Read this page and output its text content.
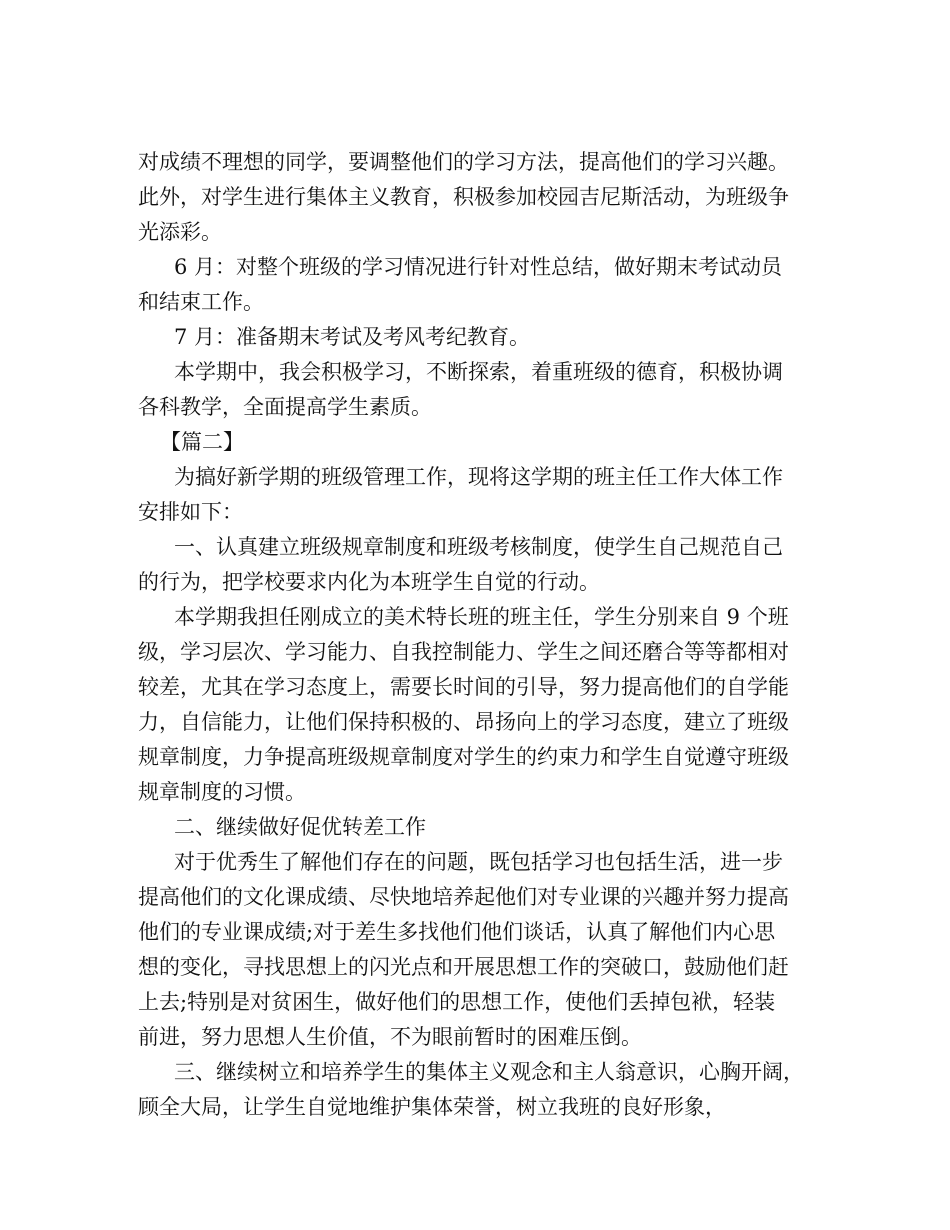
对成绩不理想的同学，要调整他们的学习方法，提高他们的学习兴趣。
此外，对学生进行集体主义教育，积极参加校园吉尼斯活动，为班级争
光添彩。
6 月：对整个班级的学习情况进行针对性总结，做好期末考试动员
和结束工作。
7 月：准备期末考试及考风考纪教育。
本学期中，我会积极学习，不断探索，着重班级的德育，积极协调
各科教学，全面提高学生素质。
【篇二】
为搞好新学期的班级管理工作，现将这学期的班主任工作大体工作
安排如下：
一、认真建立班级规章制度和班级考核制度，使学生自己规范自己
的行为，把学校要求内化为本班学生自觉的行动。
本学期我担任刚成立的美术特长班的班主任，学生分别来自 9 个班
级，学习层次、学习能力、自我控制能力、学生之间还磨合等等都相对
较差，尤其在学习态度上，需要长时间的引导，努力提高他们的自学能
力，自信能力，让他们保持积极的、昂扬向上的学习态度，建立了班级
规章制度，力争提高班级规章制度对学生的约束力和学生自觉遵守班级
规章制度的习惯。
二、继续做好促优转差工作
对于优秀生了解他们存在的问题，既包括学习也包括生活，进一步
提高他们的文化课成绩、尽快地培养起他们对专业课的兴趣并努力提高
他们的专业课成绩;对于差生多找他们他们谈话，认真了解他们内心思
想的变化，寻找思想上的闪光点和开展思想工作的突破口，鼓励他们赶
上去;特别是对贫困生，做好他们的思想工作，使他们丢掉包袱，轻装
前进，努力思想人生价值，不为眼前暂时的困难压倒。
三、继续树立和培养学生的集体主义观念和主人翁意识，心胸开阔，
顾全大局，让学生自觉地维护集体荣誉，树立我班的良好形象，
